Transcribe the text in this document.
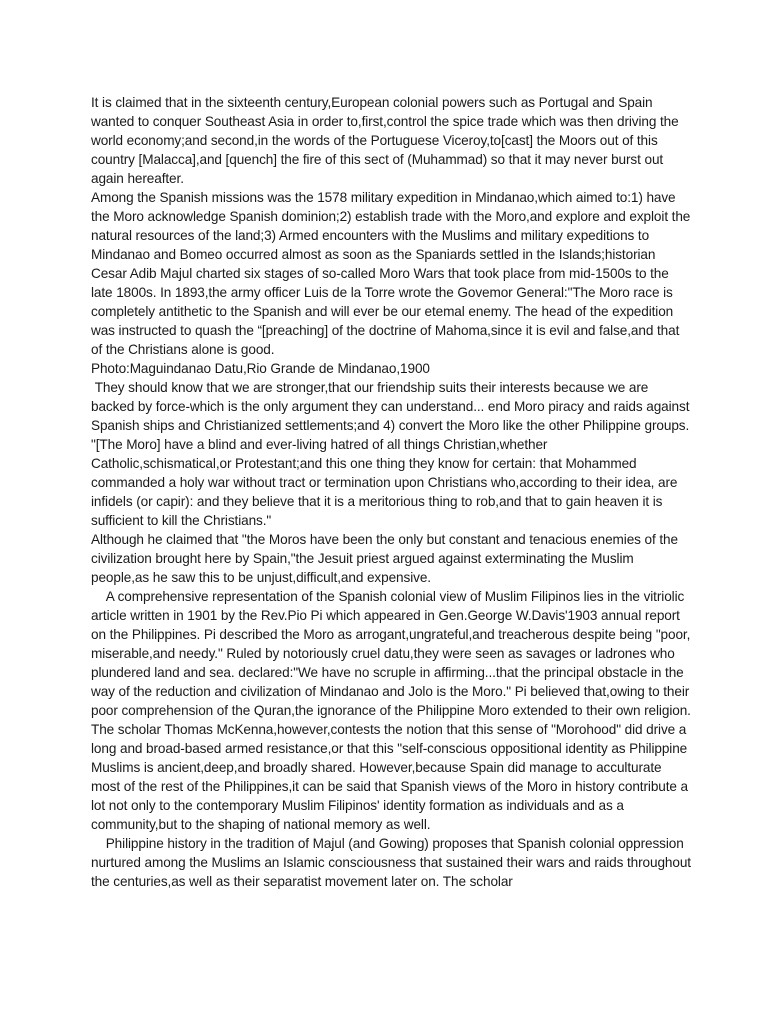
It is claimed that in the sixteenth century,European colonial powers such as Portugal and Spain wanted to conquer Southeast Asia in order to,first,control the spice trade which was then driving the world economy;and second,in the words of the Portuguese Viceroy,to[cast] the Moors out of this country [Malacca],and [quench] the fire of this sect of (Muhammad) so that it may never burst out again hereafter.

Among the Spanish missions was the 1578 military expedition in Mindanao,which aimed to:1) have the Moro acknowledge Spanish dominion;2) establish trade with the Moro,and explore and exploit the natural resources of the land;3) Armed encounters with the Muslims and military expeditions to Mindanao and Bomeo occurred almost as soon as the Spaniards settled in the Islands;historian Cesar Adib Majul charted six stages of so-called Moro Wars that took place from mid-1500s to the late 1800s. In 1893,the army officer Luis de la Torre wrote the Govemor General:"The Moro race is completely antithetic to the Spanish and will ever be our etemal enemy. The head of the expedition was instructed to quash the “[preaching] of the doctrine of Mahoma,since it is evil and false,and that of the Christians alone is good.

Photo:Maguindanao Datu,Rio Grande de Mindanao,1900

They should know that we are stronger,that our friendship suits their interests because we are backed by force-which is the only argument they can understand... end Moro piracy and raids against Spanish ships and Christianized settlements;and 4) convert the Moro like the other Philippine groups.

"[The Moro] have a blind and ever-living hatred of all things Christian,whether Catholic,schismatical,or Protestant;and this one thing they know for certain: that Mohammed commanded a holy war without tract or termination upon Christians who,according to their idea, are infidels (or capir): and they believe that it is a meritorious thing to rob,and that to gain heaven it is sufficient to kill the Christians."

Although he claimed that "the Moros have been the only but constant and tenacious enemies of the civilization brought here by Spain,"the Jesuit priest argued against exterminating the Muslim people,as he saw this to be unjust,difficult,and expensive.

A comprehensive representation of the Spanish colonial view of Muslim Filipinos lies in the vitriolic article written in 1901 by the Rev.Pio Pi which appeared in Gen.George W.Davis'1903 annual report on the Philippines. Pi described the Moro as arrogant,ungrateful,and treacherous despite being "poor, miserable,and needy." Ruled by notoriously cruel datu,they were seen as savages or ladrones who plundered land and sea. declared:"We have no scruple in affirming...that the principal obstacle in the way of the reduction and civilization of Mindanao and Jolo is the Moro." Pi believed that,owing to their poor comprehension of the Quran,the ignorance of the Philippine Moro extended to their own religion.

The scholar Thomas McKenna,however,contests the notion that this sense of "Morohood" did drive a long and broad-based armed resistance,or that this "self-conscious oppositional identity as Philippine Muslims is ancient,deep,and broadly shared. However,because Spain did manage to acculturate most of the rest of the Philippines,it can be said that Spanish views of the Moro in history contribute a lot not only to the contemporary Muslim Filipinos' identity formation as individuals and as a community,but to the shaping of national memory as well.

Philippine history in the tradition of Majul (and Gowing) proposes that Spanish colonial oppression nurtured among the Muslims an Islamic consciousness that sustained their wars and raids throughout the centuries,as well as their separatist movement later on. The scholar
